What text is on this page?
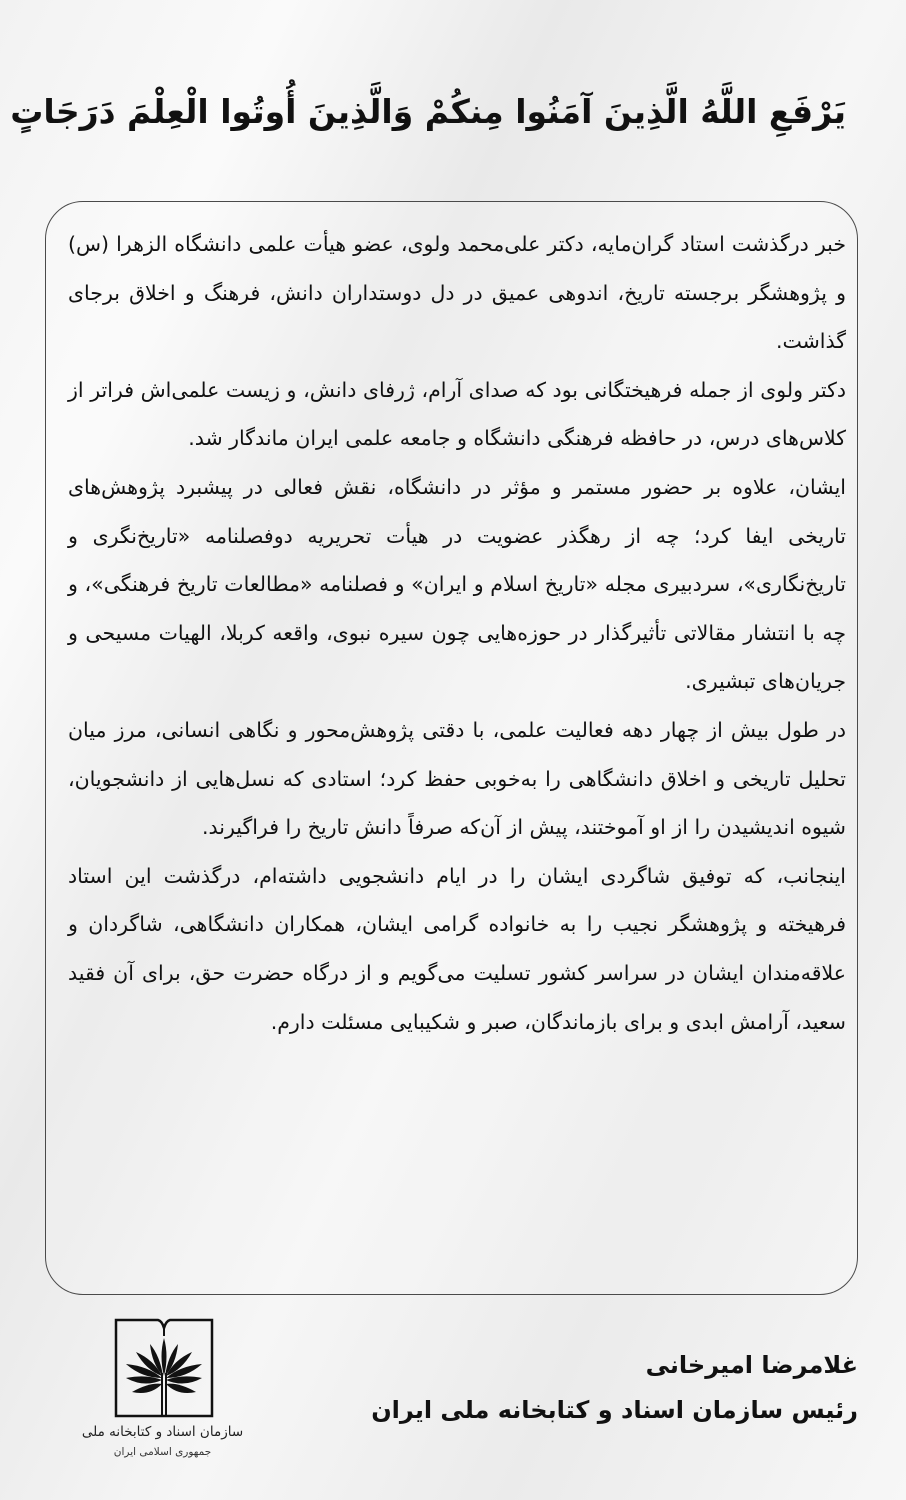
يَرْفَعِ اللَّهُ الَّذِينَ آمَنُوا مِنكُمْ وَالَّذِينَ أُوتُوا الْعِلْمَ دَرَجَاتٍ

خبر درگذشت استاد گران‌مایه، دکتر علی‌محمد ولوی، عضو هیأت علمی دانشگاه الزهرا (س) و پژوهشگر برجسته تاریخ، اندوهی عمیق در دل دوستداران دانش، فرهنگ و اخلاق برجای گذاشت.

دکتر ولوی از جمله فرهیختگانی بود که صدای آرام، ژرفای دانش، و زیست علمی‌اش فراتر از کلاس‌های درس، در حافظه فرهنگی دانشگاه و جامعه علمی ایران ماندگار شد.

ایشان، علاوه بر حضور مستمر و مؤثر در دانشگاه، نقش فعالی در پیشبرد پژوهش‌های تاریخی ایفا کرد؛ چه از رهگذر عضویت در هیأت تحریریه دوفصلنامه «تاریخ‌نگری و تاریخ‌نگاری»، سردبیری مجله «تاریخ اسلام و ایران» و فصلنامه «مطالعات تاریخ فرهنگی»، و چه با انتشار مقالاتی تأثیرگذار در حوزه‌هایی چون سیره نبوی، واقعه کربلا، الهیات مسیحی و جریان‌های تبشیری.

در طول بیش از چهار دهه فعالیت علمی، با دقتی پژوهش‌محور و نگاهی انسانی، مرز میان تحلیل تاریخی و اخلاق دانشگاهی را به‌خوبی حفظ کرد؛ استادی که نسل‌هایی از دانشجویان، شیوه اندیشیدن را از او آموختند، پیش از آن‌که صرفاً دانش تاریخ را فراگیرند.

اینجانب، که توفیق شاگردی ایشان را در ایام دانشجویی داشته‌ام، درگذشت این استاد فرهیخته و پژوهشگر نجیب را به خانواده گرامی ایشان، همکاران دانشگاهی، شاگردان و علاقه‌مندان ایشان در سراسر کشور تسلیت می‌گویم و از درگاه حضرت حق، برای آن فقید سعید، آرامش ابدی و برای بازماندگان، صبر و شکیبایی مسئلت دارم.

سازمان اسناد و کتابخانه ملی
جمهوری اسلامی ایران
غلامرضا امیرخانی
رئیس سازمان اسناد و کتابخانه ملی ایران
